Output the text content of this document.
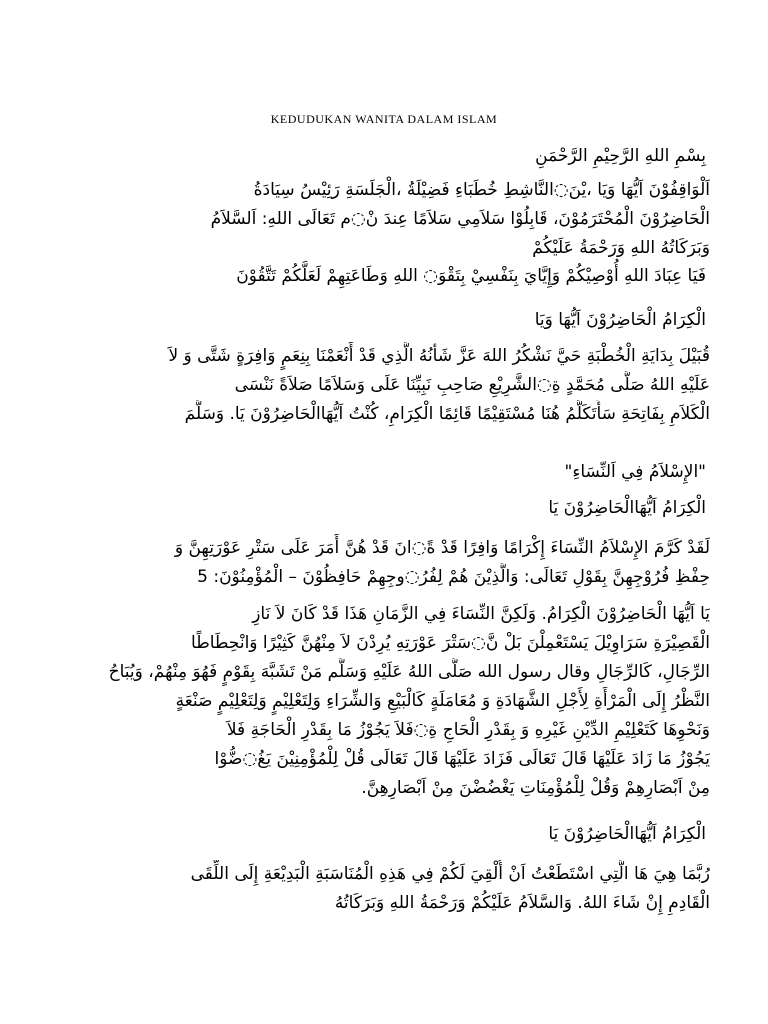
KEDUDUKAN WANITA DALAM ISLAM
بِسْمِ اللهِ الرَّحِيْمِ الرَّحْمَنِ
اَلْوَاقِفُوْنَ اَيُّهَا وَيَا ،يْنَ◌النَّاشِطِ خُطَبَاءِ فَضِيْلَةُ ،الْجَلَسَةِ رَئِيْسُ سِيَادَةُ
الْحَاضِرُوْنَ الْمُحْتَرَمُوْنَ، قَابِلُوْا سَلاَمِي سَلاَمًا عِندَ نْ◌م تَعَالَى اللهِ: اَلسَّلاَمُ
وَبَرَكَاتُهُ اللهِ وَرَحْمَةُ عَلَيْكُمْ
فَيَا عِبَادَ اللهِ أُوْصِيْكُمْ وَإِيَّايَ بِنَفْسِيْ بِتَقْوَ◌ اللهِ وَطَاعَتِهِمْ لَعَلَّكُمْ تَتَّقُوْنَ
الْكِرَامُ الْحَاضِرُوْنَ اَيُّهَا وَيَا
قُبَيْلَ بِدَايَةِ الْخُطْبَةِ حَيَّ نَشْكُرُ اللهَ عَزَّ شَأْنُهُ الَّذِي قَدْ أَنْعَمْنَا بِنِعَمٍ وَافِرَةٍ شَتَّى وَ لاَ
عَلَيْهِ اللهُ صَلَّى مُحَمَّدٍ ةِ◌الشَّرِيْعِ صَاحِبِ نَبِيِّنَا عَلَى وَسَلاَمًا صَلاَةً نَنْسَى
الْكَلاَمِ بِفَاتِحَةِ سَأَتَكَلَّمُ هُنَا مُسْتَقِيْمًا قَائِمًا الْكِرَامِ، كُنْتُ اَيُّهَاالْحَاضِرُوْنَ يَا. وَسَلَّمَ
"الإِسْلاَمُ فِي اَلنِّسَاءِ"
الْكِرَامُ اَيُّهَاالْحَاضِرُوْنَ يَا
لَقَدْ كَرَّمَ الإِسْلاَمُ النِّسَاءَ إِكْرَامًا وَافِرًا قَدْ ةً◌انَ قَدْ هُنَّ أَمَرَ عَلَى سَتْرِ عَوْرَتِهِنَّ وَ
حِفْظِ فُرُوْجِهِنَّ بِقَوْلِ تَعَالَى: وَالَّذِيْنَ هُمْ لِفُرُ◌وجِهِمْ حَافِظُوْنَ – الْمُؤْمِنُوْنَ: 5
يَا اَيُّهَا الْحَاضِرُوْنَ الْكِرَامُ. وَلَكِنَّ النِّسَاءَ فِي الزَّمَانِ هَذَا قَدْ كَانَ لاَ نَازِ
الْقَصِيْرَةِ سَرَاوِيْلَ يَسْتَعْمِلْنَ بَلْ نَّ◌سَتْرَ عَوْرَتِهِ يُرِدْنَ لاَ مِنْهُنَّ كَثِيْرًا وَانْحِطَاطًا
الرِّجَالِ، كَالرِّجَالِ وقال رسول الله صَلَّى اللهُ عَلَيْهِ وَسَلَّم مَنْ تَشَبَّهَ بِقَوْمٍ فَهُوَ مِنْهُمْ، وَيُبَاحُ
النَّظْرُ إِلَى الْمَرْأَةِ لِأَجْلِ الشَّهَادَةِ وَ مُعَامَلَةٍ كَالْبَيْعِ وَالشِّرَاءِ وَلِتَعْلِيْمٍ وَلِتَعْلِيْمٍ صَنْعَةٍ
وَنَحْوِهَا كَتَعْلِيْمِ الدِّيْنِ غَيْرِهِ وَ بِقَدْرِ الْحَاجِ ةِ◌فَلاَ يَجُوْزُ مَا بِقَدْرِ الْحَاجَةِ فَلاَ
يَجُوْزُ مَا زَادَ عَلَيْهَا قَالَ تَعَالَى فَزَادَ عَلَيْهَا قَالَ تَعَالَى قُلْ لِلْمُؤْمِنِيْنَ يَغُ◌ضُّوْا
مِنْ اَبْصَارِهِمْ وَقُلْ لِلْمُؤْمِنَاتِ يَغْضُضْنَ مِنْ اَبْصَارِهِنَّ.
الْكِرَامُ اَيُّهَاالْحَاضِرُوْنَ يَا
رُبَّمَا هِيَ هَا الَّتِي اسْتَطَعْتُ اَنْ أُلْقِيَ لَكُمْ فِي هَذِهِ الْمُنَاسَبَةِ الْبَدِيْعَةِ إِلَى اللِّقَى
الْقَادِمِ إِنْ شَاءَ اللهُ. وَالسَّلاَمُ عَلَيْكُمْ وَرَحْمَةُ اللهِ وَبَرَكَاتُهُ
